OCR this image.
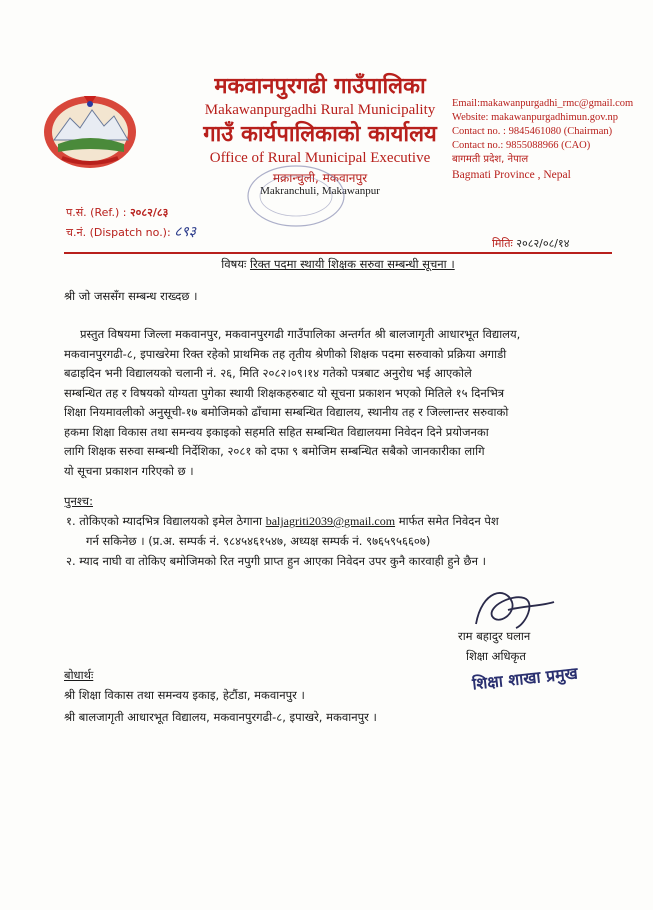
मकवानपुरगढी गाउँपालिका
Makawanpurgadhi Rural Municipality
गाउँ कार्यपालिकाको कार्यालय
Office of Rural Municipal Executive
मक्रान्चुली, मकवानपुर
Makranchuli, Makawanpur
Email:makawanpurgadhi_rmc@gmail.com
Website: makawanpurgadhimun.gov.np
Contact no. : 9845461080 (Chairman)
Contact no.: 9855088966 (CAO)
बागमती प्रदेश, नेपाल
Bagmati Province , Nepal
प.सं. (Ref.) : २०८२/८३
च.नं. (Dispatch no.): ८९३
मितिः २०८२/०८/१४
विषयः रिक्त पदमा स्थायी शिक्षक सरुवा सम्बन्धी सूचना ।
श्री जो जससँग सम्बन्ध राख्दछ ।
प्रस्तुत विषयमा जिल्ला मकवानपुर, मकवानपुरगढी गाउँपालिका अन्तर्गत श्री बालजागृती आधारभूत विद्यालय,
मकवानपुरगढी-८, इपाखरेमा रिक्त रहेको प्राथमिक तह तृतीय श्रेणीको शिक्षक पदमा सरुवाको प्रक्रिया अगाडी
बढाइदिन भनी विद्यालयको चलानी नं. २६, मिति २०८२।०९।१४ गतेको पत्रबाट अनुरोध भई आएकोले
सम्बन्धित तह र विषयको योग्यता पुगेका स्थायी शिक्षकहरुबाट यो सूचना प्रकाशन भएको मितिले १५ दिनभित्र
शिक्षा नियमावलीको अनुसूची-१७ बमोजिमको ढाँचामा सम्बन्धित विद्यालय, स्थानीय तह र जिल्लान्तर सरुवाको
हकमा शिक्षा विकास तथा समन्वय इकाइको सहमति सहित सम्बन्धित विद्यालयमा निवेदन दिने प्रयोजनका
लागि शिक्षक सरुवा सम्बन्धी निर्देशिका, २०८१ को दफा ९ बमोजिम सम्बन्धित सबैको जानकारीका लागि
यो सूचना प्रकाशन गरिएको छ ।
पुनश्च:
१. तोकिएको म्यादभित्र विद्यालयको इमेल ठेगाना baljagriti2039@gmail.com मार्फत समेत निवेदन पेश
गर्न सकिनेछ । (प्र.अ. सम्पर्क नं. ९८४५४६१५४७, अध्यक्ष सम्पर्क नं. ९७६५९५६६०७)
२. म्याद नाघी वा तोकिए बमोजिमको रित नपुगी प्राप्त हुन आएका निवेदन उपर कुनै कारवाही हुने छैन ।
राम बहादुर घलान
शिक्षा अधिकृत
शिक्षा शाखा प्रमुख
बोधार्थः
श्री शिक्षा विकास तथा समन्वय इकाइ, हेटौंडा, मकवानपुर ।
श्री बालजागृती आधारभूत विद्यालय, मकवानपुरगढी-८, इपाखरे, मकवानपुर ।
